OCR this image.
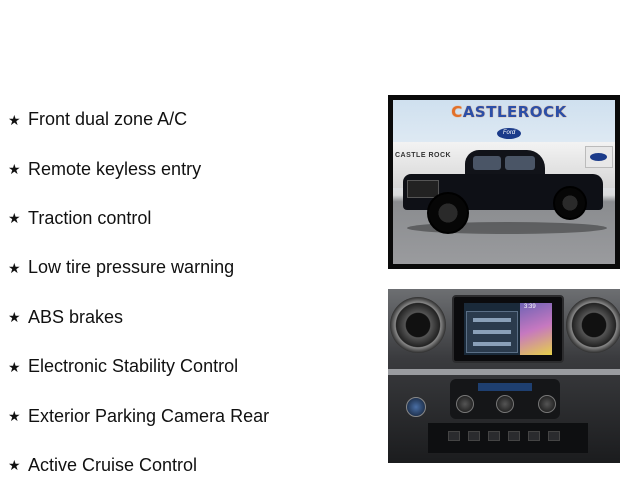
★ Front dual zone A/C
★ Remote keyless entry
★ Traction control
★ Low tire pressure warning
★ ABS brakes
★ Electronic Stability Control
★ Exterior Parking Camera Rear
★ Active Cruise Control
CASTLE ROCK
CASTLEROCK
Ford
3:39
